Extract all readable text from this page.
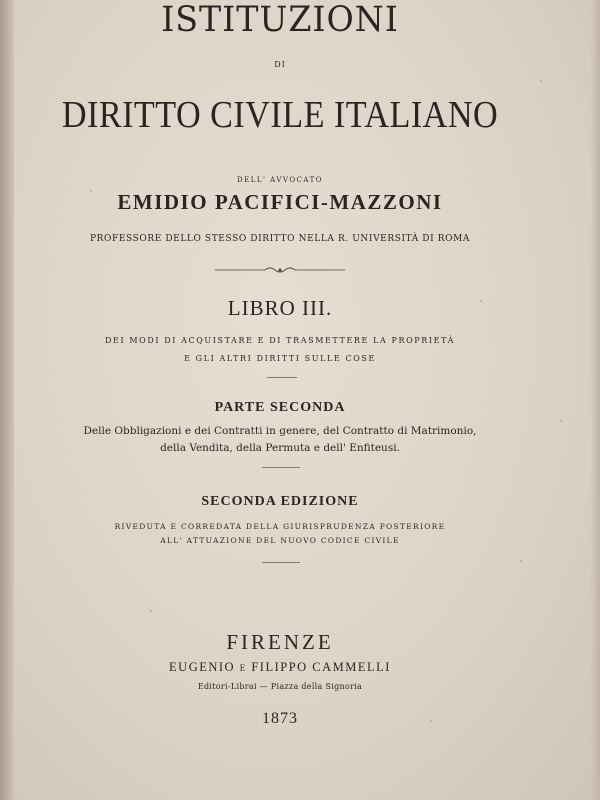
ISTITUZIONI
DI
DIRITTO CIVILE ITALIANO
DELL' AVVOCATO
EMIDIO PACIFICI-MAZZONI
PROFESSORE DELLO STESSO DIRITTO NELLA R. UNIVERSITÀ DI ROMA
LIBRO III.
DEI MODI DI ACQUISTARE E DI TRASMETTERE LA PROPRIETÀ
E GLI ALTRI DIRITTI SULLE COSE
PARTE SECONDA
Delle Obbligazioni e dei Contratti in genere, del Contratto di Matrimonio,
della Vendita, della Permuta e dell' Enfiteusi.
SECONDA EDIZIONE
RIVEDUTA E CORREDATA DELLA GIURISPRUDENZA POSTERIORE
ALL' ATTUAZIONE DEL NUOVO CODICE CIVILE
FIRENZE
EUGENIO E FILIPPO CAMMELLI
Editori-Librai — Piazza della Signoria
1873
